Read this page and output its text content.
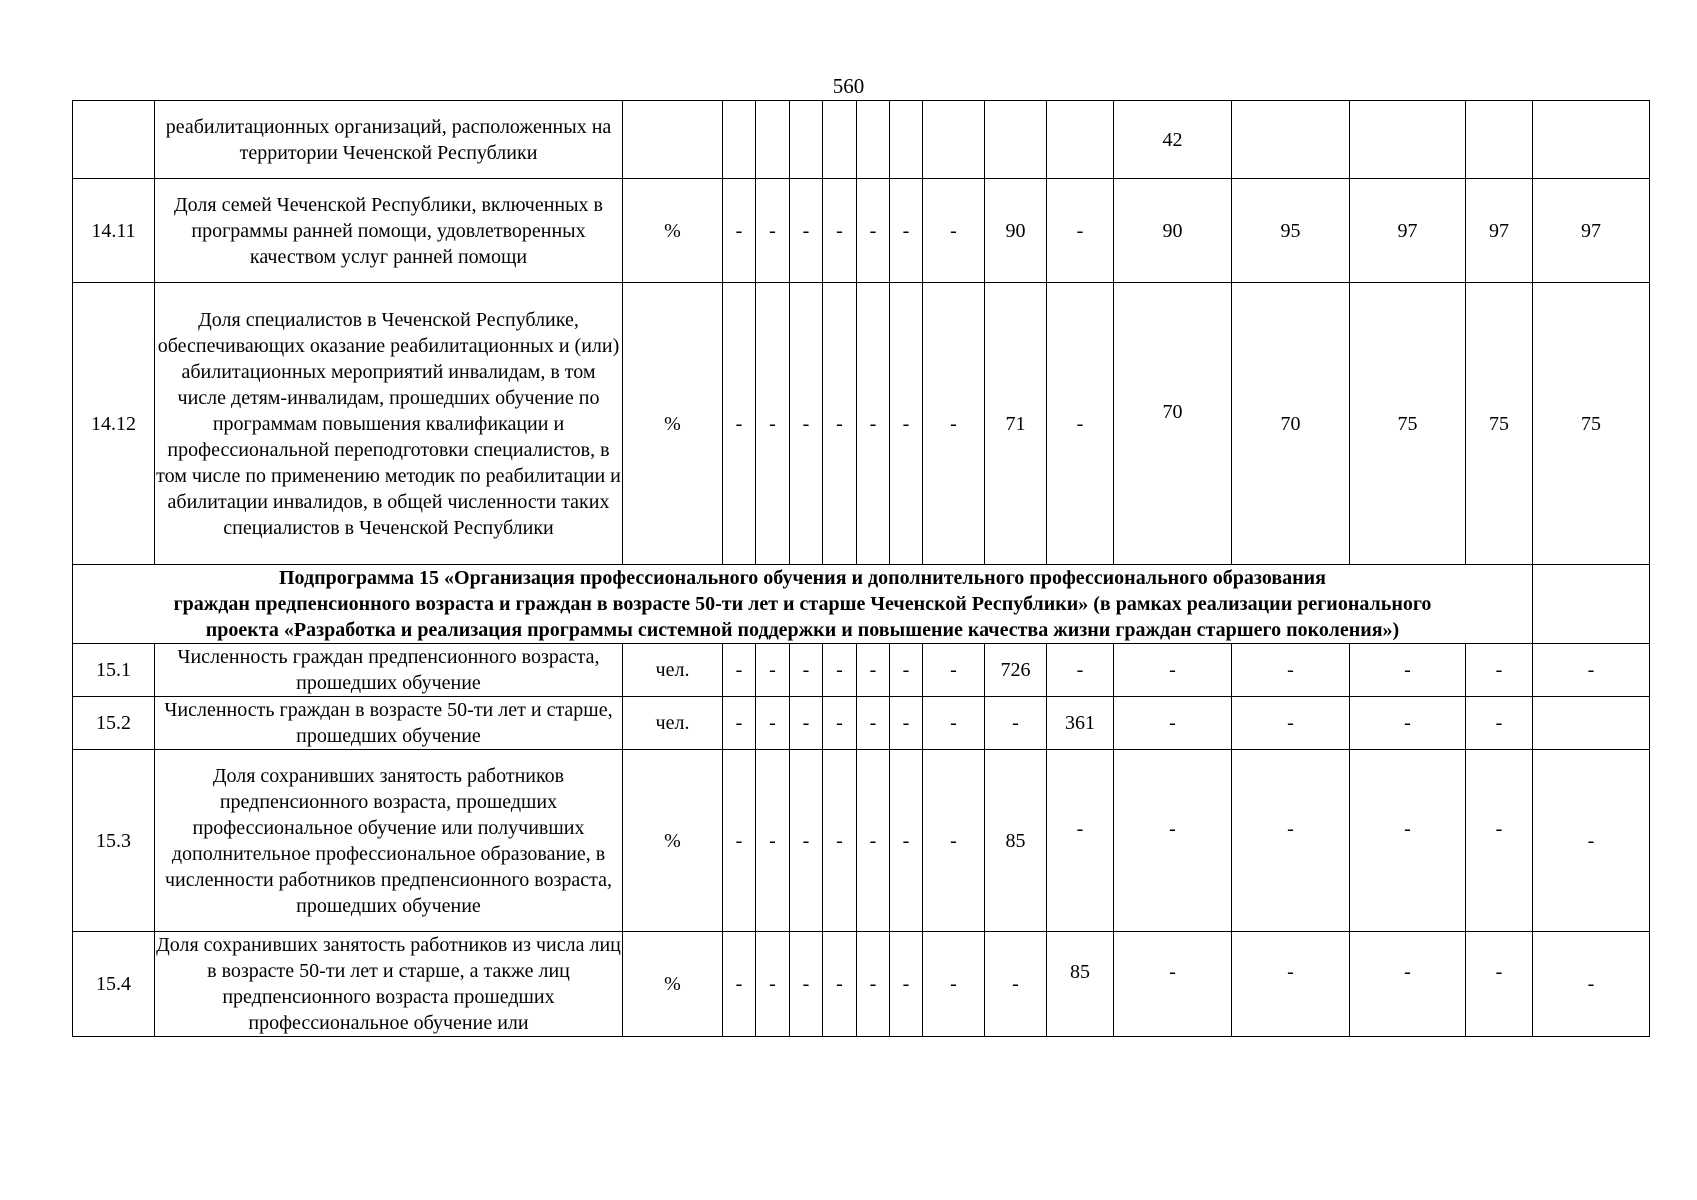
560
	реабилитационных организаций, расположенных на территории Чеченской Республики											42					
14.11	Доля семей Чеченской Республики, включенных в программы ранней помощи, удовлетворенных качеством услуг ранней помощи	%	-	-	-	-	-	-	-	90	-	90	95	97	97	97	
14.12	Доля специалистов в Чеченской Республике, обеспечивающих оказание реабилитационных и (или) абилитационных мероприятий инвалидам, в том числе детям-инвалидам, прошедших обучение по программам повышения квалификации и профессиональной переподготовки специалистов, в том числе по применению методик по реабилитации и абилитации инвалидов, в общей численности таких специалистов в Чеченской Республики	%	-	-	-	-	-	-	-	71	-	70	70	75	75	75	

Подпрограмма 15 «Организация профессионального обучения и дополнительного профессионального образования
граждан предпенсионного возраста и граждан в возрасте 50-ти лет и старше Чеченской Республики» (в рамках реализации регионального
проекта «Разработка и реализация программы системной поддержки и повышение качества жизни граждан старшего поколения»)																	

15.1	Численность граждан предпенсионного возраста, прошедших обучение	чел.	-	-	-	-	-	-	-	726	-	-	-	-	-	-	
15.2	Численность граждан в возрасте 50-ти лет и старше, прошедших обучение	чел.	-	-	-	-	-	-	-	-	361	-	-	-	-		
15.3	Доля сохранивших занятость работников предпенсионного возраста, прошедших профессиональное обучение или получивших дополнительное профессиональное образование, в численности работников предпенсионного возраста, прошедших обучение	%	-	-	-	-	-	-	-	85	-	-	-	-	-	-	
15.4	Доля сохранивших занятость работников из числа лиц в возрасте 50-ти лет и старше, а также лиц предпенсионного возраста прошедших профессиональное обучение или	%	-	-	-	-	-	-	-	-	85	-	-	-	-	-	
